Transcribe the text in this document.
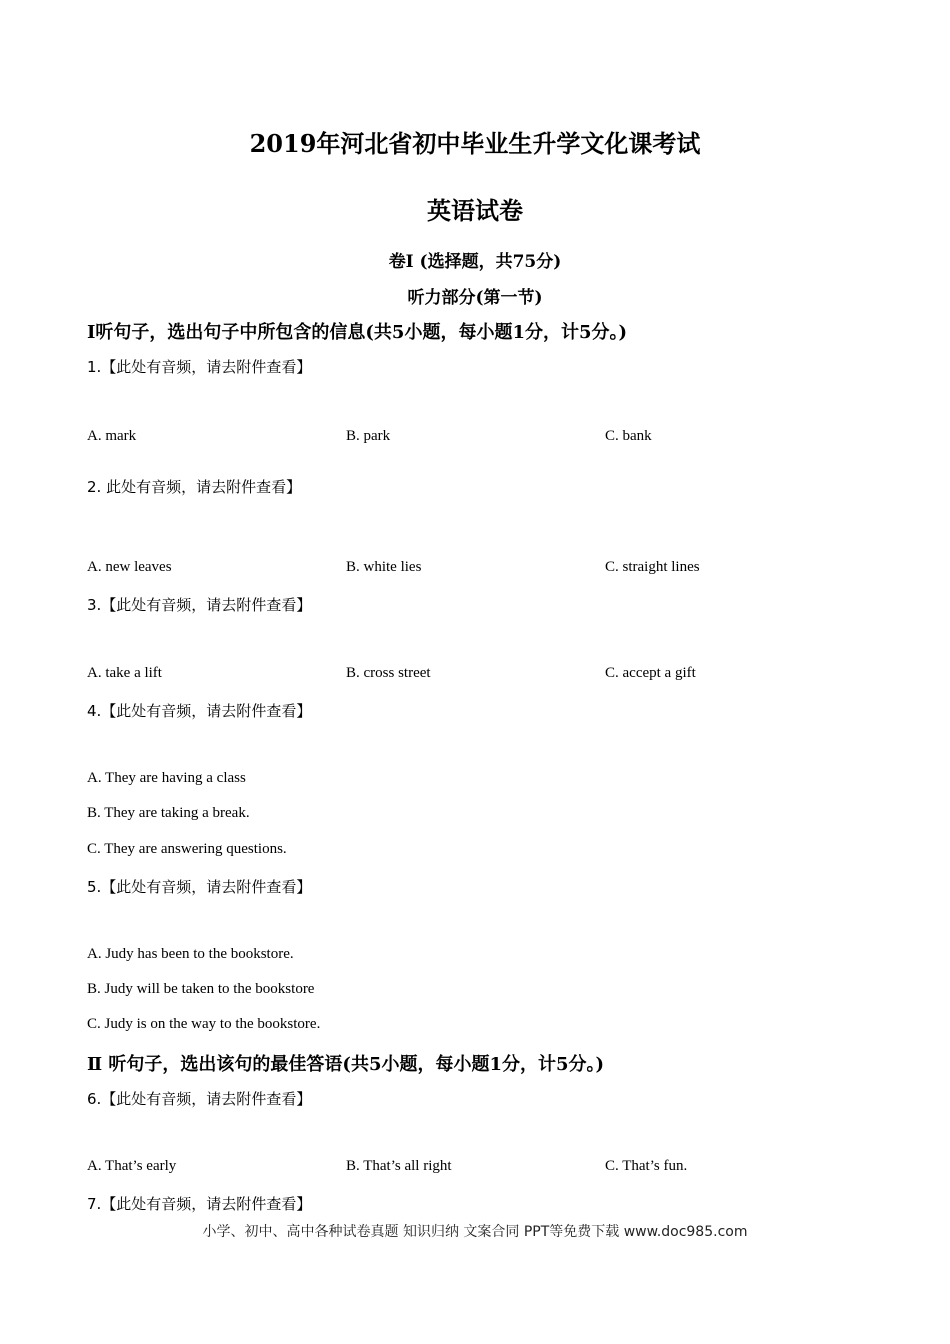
2019年河北省初中毕业生升学文化课考试
英语试卷
卷Ⅰ (选择题，共75分)
听力部分(第一节)
Ⅰ听句子，选出句子中所包含的信息(共5小题，每小题1分，计5分。)
1.【此处有音频，请去附件查看】
A. mark	B. park	C. bank
2. 此处有音频，请去附件查看】
A. new leaves	B. white lies	C. straight lines
3.【此处有音频，请去附件查看】
A. take a lift	B. cross street	C. accept a gift
4.【此处有音频，请去附件查看】
A. They are having a class
B. They are taking a break.
C. They are answering questions.
5.【此处有音频，请去附件查看】
A. Judy has been to the bookstore.
B. Judy will be taken to the bookstore
C. Judy is on the way to the bookstore.
Ⅱ 听句子，选出该句的最佳答语(共5小题，每小题1分，计5分。)
6.【此处有音频，请去附件查看】
A. That’s early	B. That’s all right	C. That’s fun.
7.【此处有音频，请去附件查看】
小学、初中、高中各种试卷真题 知识归纳 文案合同 PPT等免费下载 www.doc985.com
